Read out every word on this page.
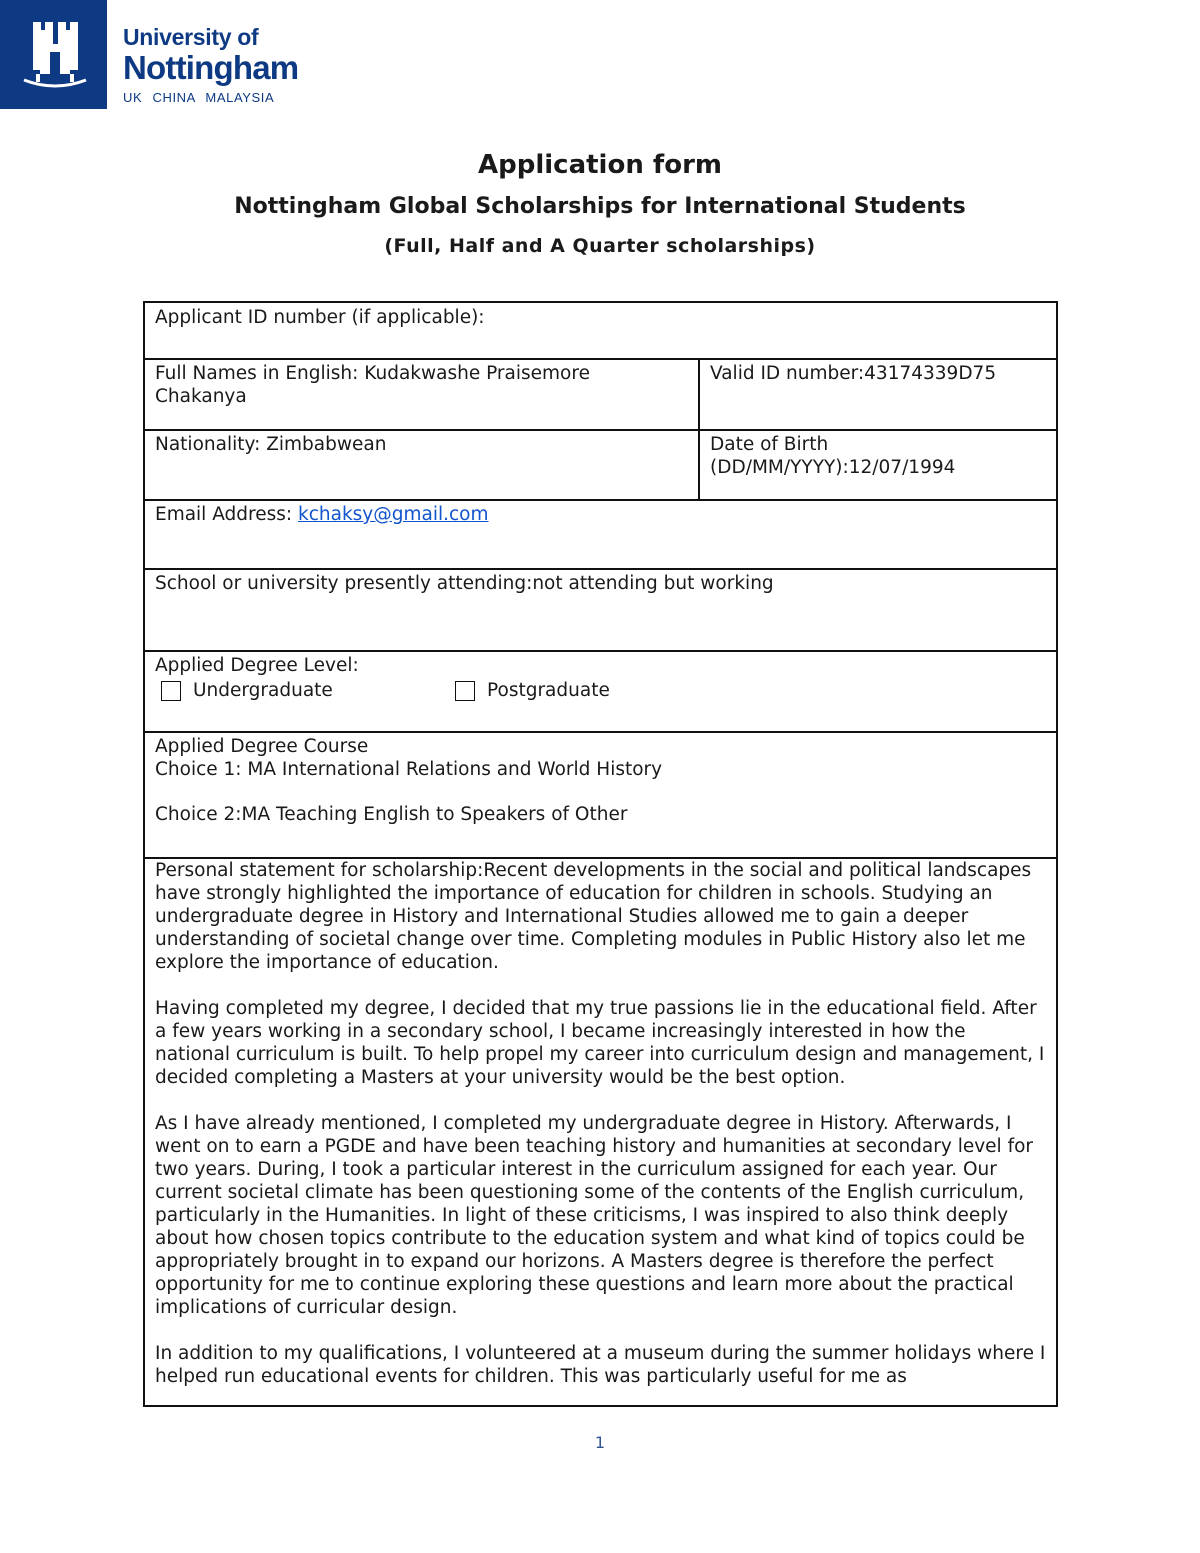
University of
Nottingham
UK CHINA MALAYSIA
Application form
Nottingham Global Scholarships for International Students
(Full, Half and A Quarter scholarships)
Applicant ID number (if applicable):
Full Names in English: Kudakwashe Praisemore Chakanya
Valid ID number:43174339D75
Nationality: Zimbabwean	Date of Birth (DD/MM/YYYY):12/07/1994
Email Address: kchaksy@gmail.com
School or university presently attending:not attending but working
Applied Degree Level:
Undergraduate	Postgraduate
Applied Degree Course
Choice 1: MA International Relations and World History
Choice 2:MA Teaching English to Speakers of Other

Personal statement for scholarship:Recent developments in the social and political landscapes have strongly highlighted the importance of education for children in schools. Studying an undergraduate degree in History and International Studies allowed me to gain a deeper understanding of societal change over time. Completing modules in Public History also let me explore the importance of education.

Having completed my degree, I decided that my true passions lie in the educational field. After a few years working in a secondary school, I became increasingly interested in how the national curriculum is built. To help propel my career into curriculum design and management, I decided completing a Masters at your university would be the best option.

As I have already mentioned, I completed my undergraduate degree in History. Afterwards, I went on to earn a PGDE and have been teaching history and humanities at secondary level for two years. During, I took a particular interest in the curriculum assigned for each year. Our current societal climate has been questioning some of the contents of the English curriculum, particularly in the Humanities. In light of these criticisms, I was inspired to also think deeply about how chosen topics contribute to the education system and what kind of topics could be appropriately brought in to expand our horizons. A Masters degree is therefore the perfect opportunity for me to continue exploring these questions and learn more about the practical implications of curricular design.

In addition to my qualifications, I volunteered at a museum during the summer holidays where I helped run educational events for children. This was particularly useful for me as

1
